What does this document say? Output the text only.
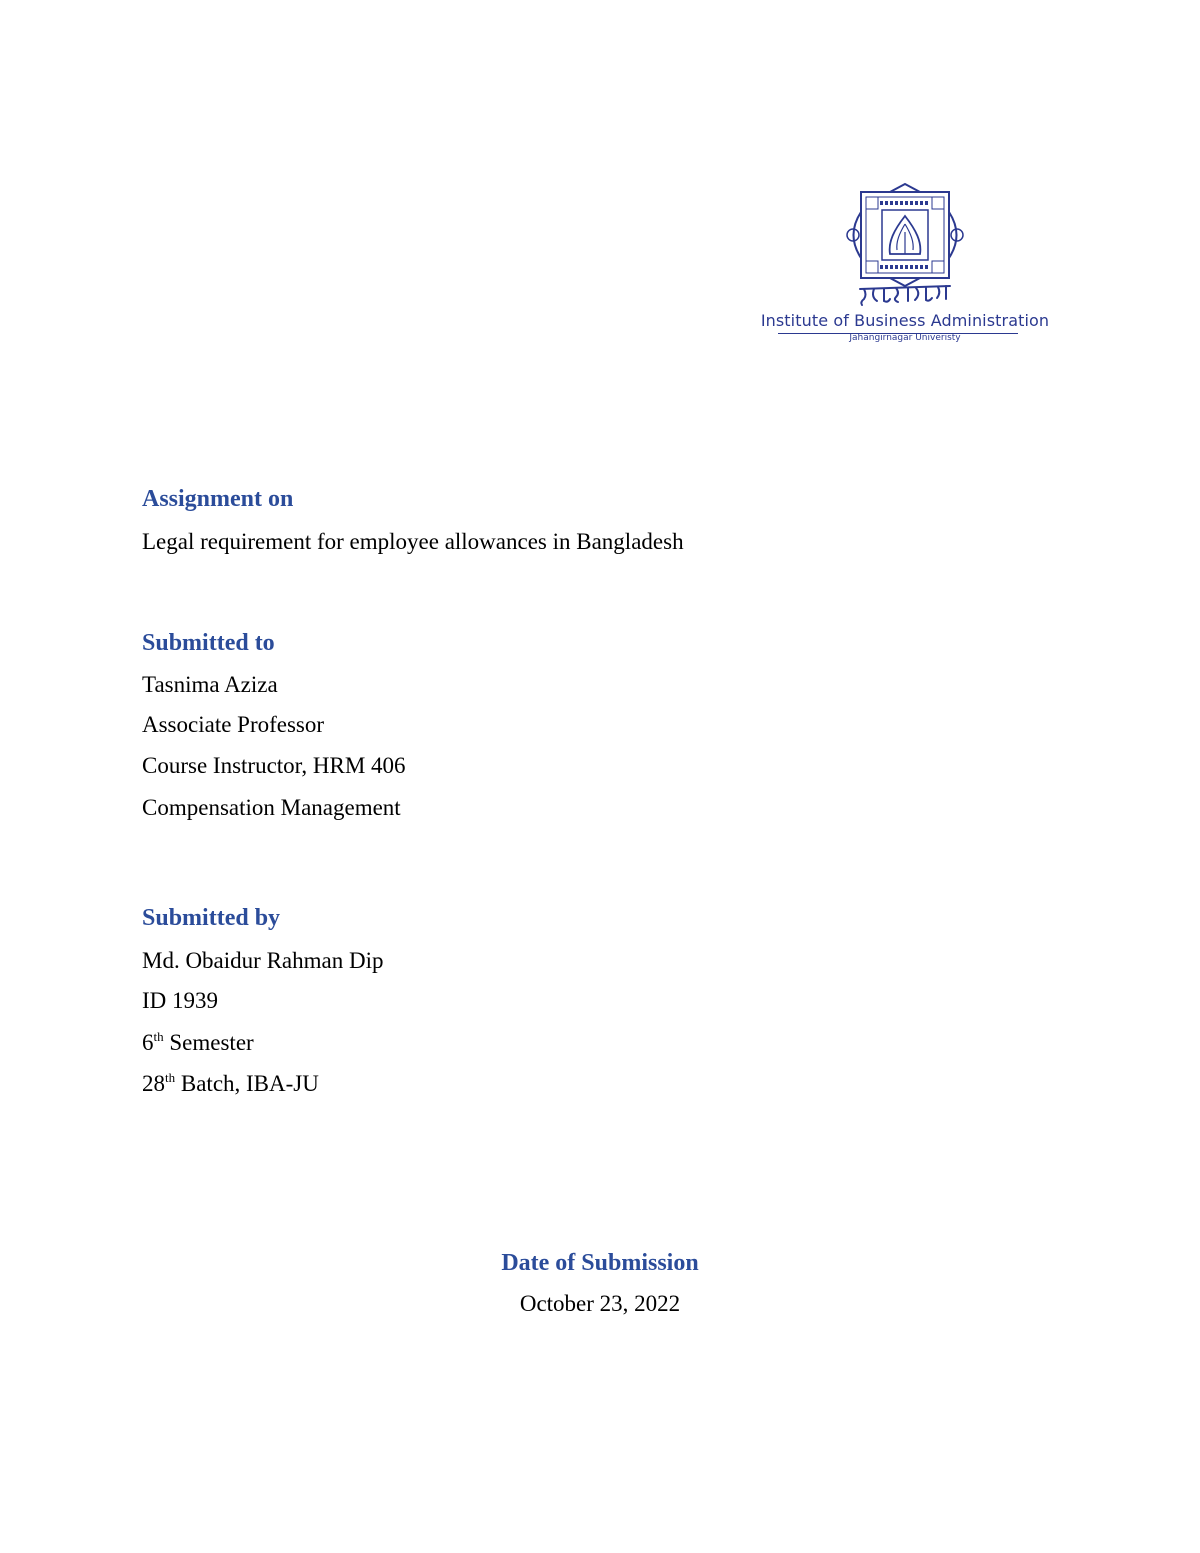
Institute of Business Administration
Jahangirnagar Univeristy
Assignment on
Legal requirement for employee allowances in Bangladesh
Submitted to
Tasnima Aziza
Associate Professor
Course Instructor, HRM 406
Compensation Management
Submitted by
Md. Obaidur Rahman Dip
ID 1939
6th Semester
28th Batch, IBA-JU
Date of Submission
October 23, 2022
